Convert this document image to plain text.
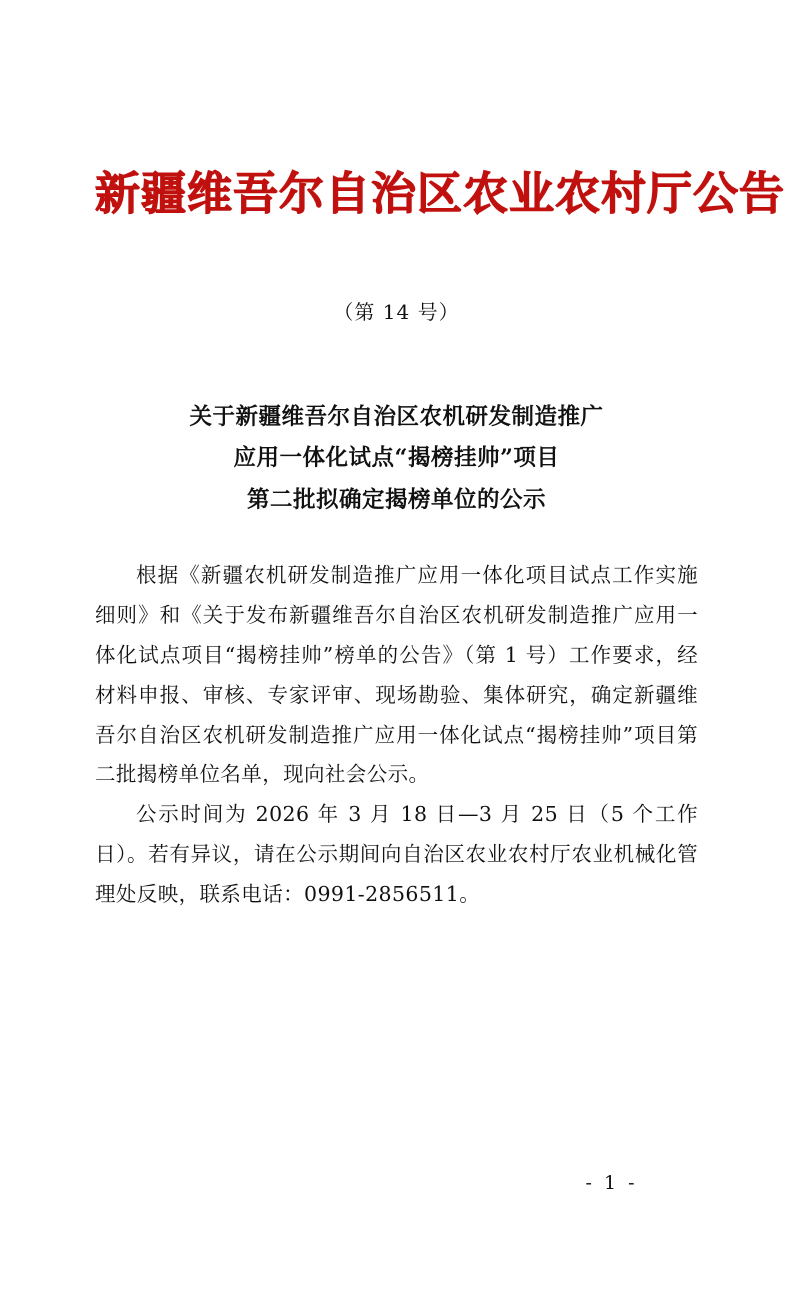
新疆维吾尔自治区农业农村厅公告
（第 14 号）
关于新疆维吾尔自治区农机研发制造推广
应用一体化试点“揭榜挂帅”项目
第二批拟确定揭榜单位的公示

根据《新疆农机研发制造推广应用一体化项目试点工作实施细则》和《关于发布新疆维吾尔自治区农机研发制造推广应用一体化试点项目“揭榜挂帅”榜单的公告》（第 1 号）工作要求，经材料申报、审核、专家评审、现场勘验、集体研究，确定新疆维吾尔自治区农机研发制造推广应用一体化试点“揭榜挂帅”项目第二批揭榜单位名单，现向社会公示。

公示时间为 2026 年 3 月 18 日—3 月 25 日（5 个工作日）。若有异议，请在公示期间向自治区农业农村厅农业机械化管理处反映，联系电话：0991-2856511。

- 1 -
